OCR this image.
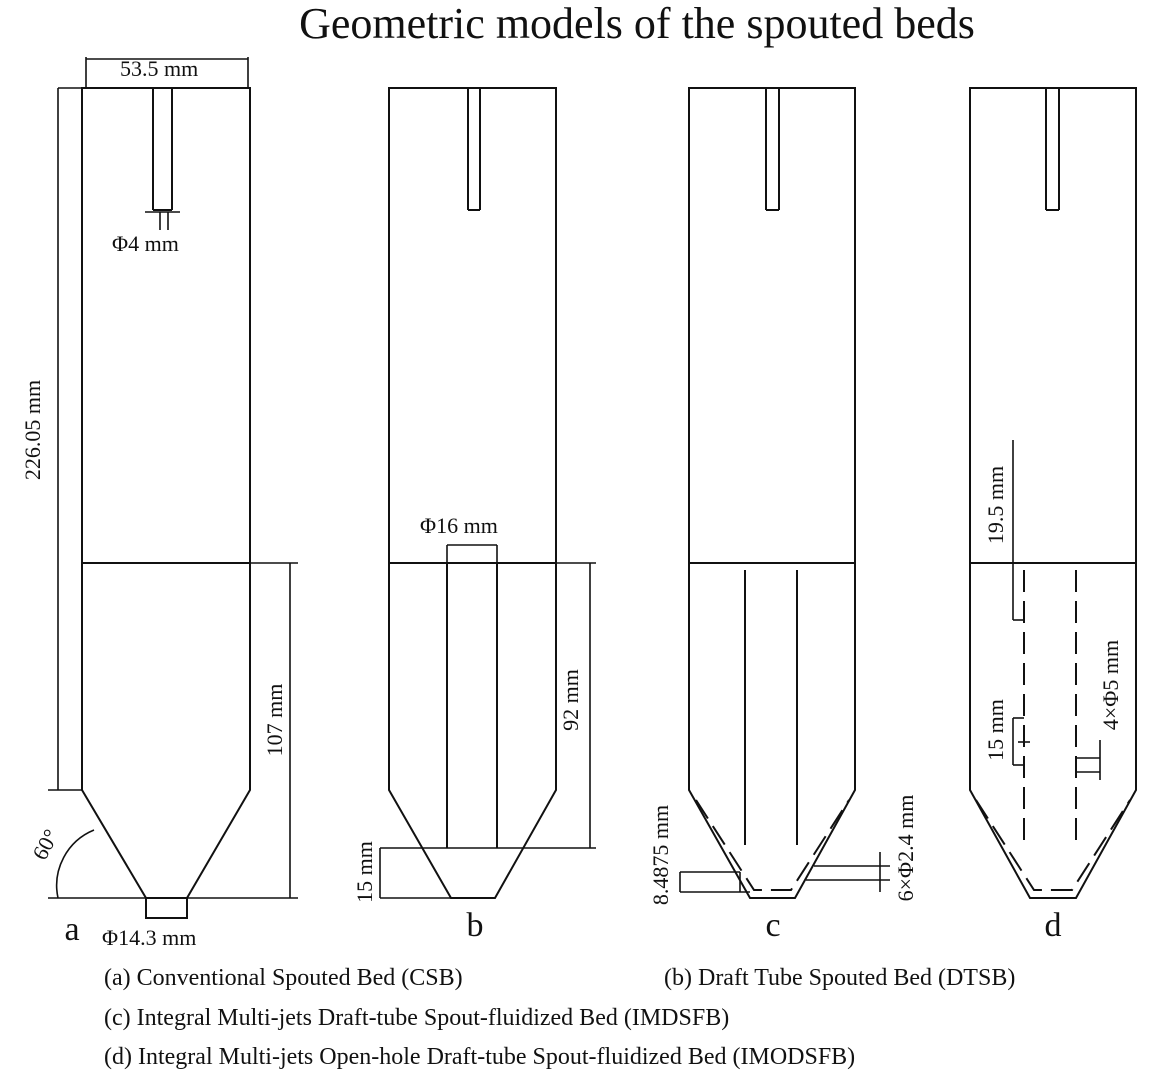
Geometric models of the spouted beds
53.5 mm
Φ4 mm
226.05 mm
107 mm
60°
Φ14.3 mm
a
Φ16 mm
92 mm
15 mm
b
8.4875 mm	6×Φ2.4 mm
c
19.5 mm
15 mm	4×Φ5 mm
d
(a) Conventional Spouted Bed (CSB)	(b) Draft Tube Spouted Bed (DTSB)
(c) Integral Multi-jets Draft-tube Spout-fluidized Bed (IMDSFB)
(d) Integral Multi-jets Open-hole Draft-tube Spout-fluidized Bed (IMODSFB)
